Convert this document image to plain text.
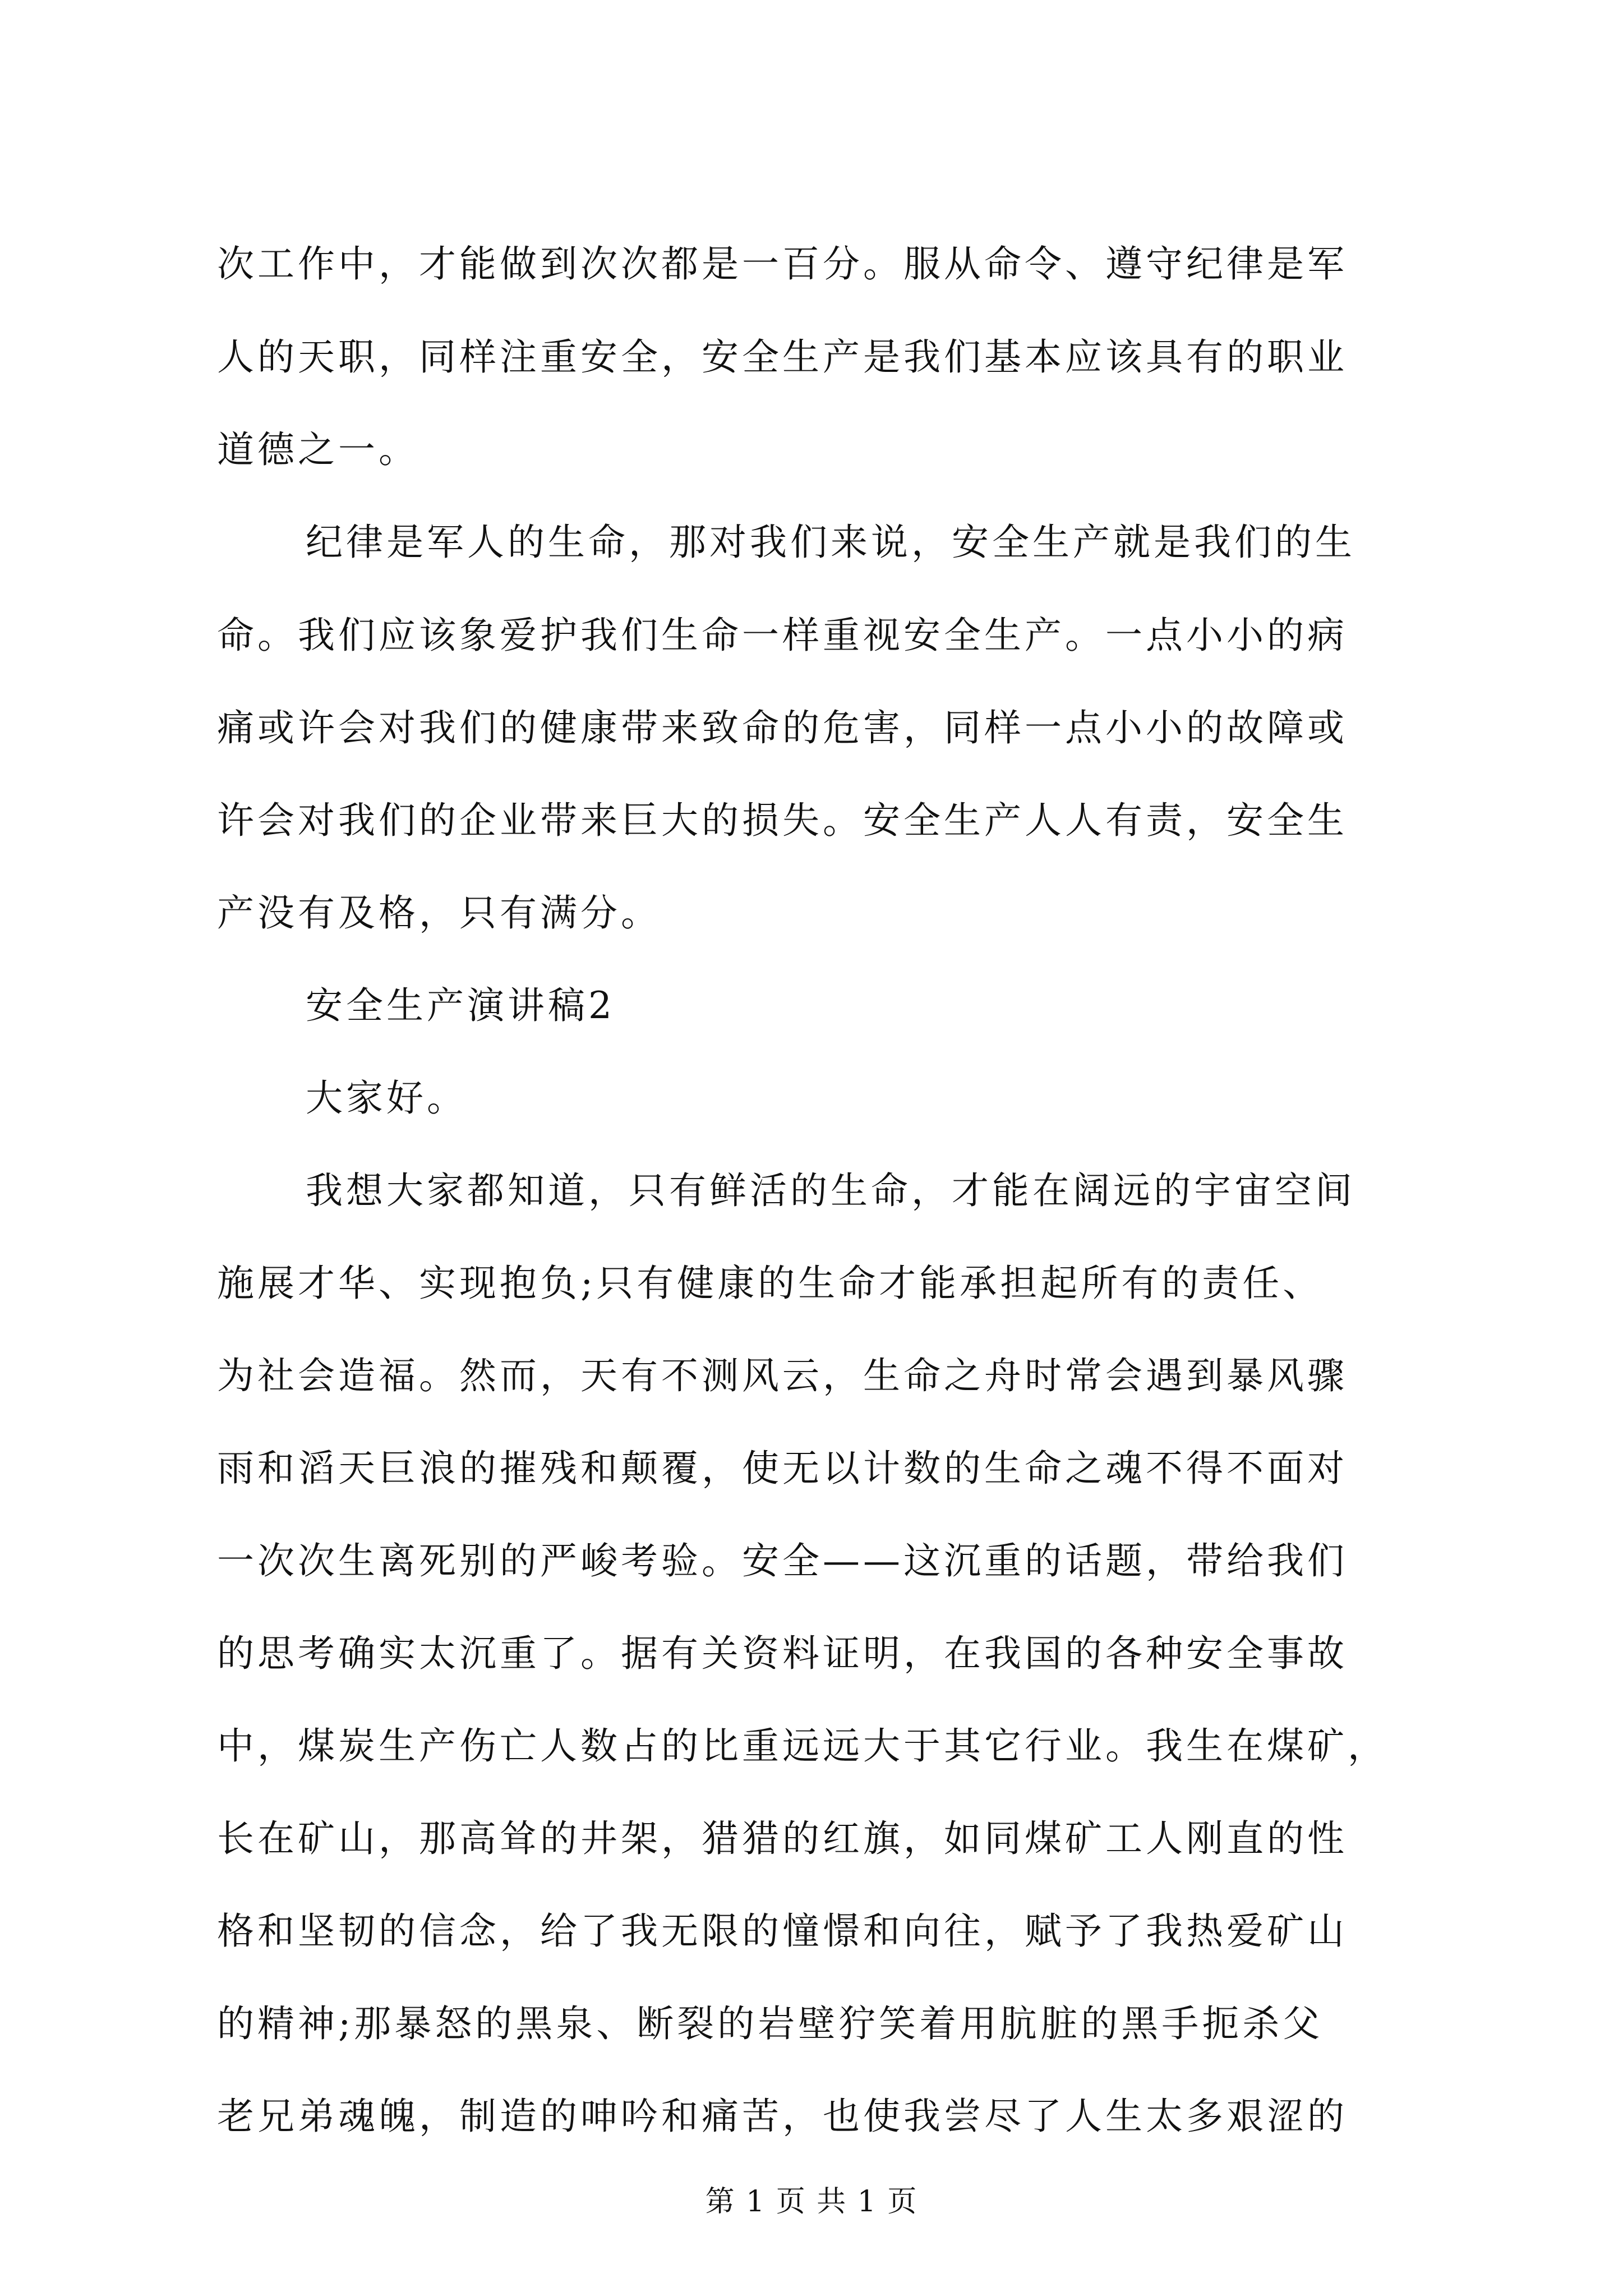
次工作中，才能做到次次都是一百分。服从命令、遵守纪律是军
人的天职，同样注重安全，安全生产是我们基本应该具有的职业
道德之一。
纪律是军人的生命，那对我们来说，安全生产就是我们的生
命。我们应该象爱护我们生命一样重视安全生产。一点小小的病
痛或许会对我们的健康带来致命的危害，同样一点小小的故障或
许会对我们的企业带来巨大的损失。安全生产人人有责，安全生
产没有及格，只有满分。
安全生产演讲稿2
大家好。
我想大家都知道，只有鲜活的生命，才能在阔远的宇宙空间
施展才华、实现抱负;只有健康的生命才能承担起所有的责任、
为社会造福。然而，天有不测风云，生命之舟时常会遇到暴风骤
雨和滔天巨浪的摧残和颠覆，使无以计数的生命之魂不得不面对
一次次生离死别的严峻考验。安全——这沉重的话题，带给我们
的思考确实太沉重了。据有关资料证明，在我国的各种安全事故
中，煤炭生产伤亡人数占的比重远远大于其它行业。我生在煤矿，
长在矿山，那高耸的井架，猎猎的红旗，如同煤矿工人刚直的性
格和坚韧的信念，给了我无限的憧憬和向往，赋予了我热爱矿山
的精神;那暴怒的黑泉、断裂的岩壁狞笑着用肮脏的黑手扼杀父
老兄弟魂魄，制造的呻吟和痛苦，也使我尝尽了人生太多艰涩的
第 1 页 共 1 页
